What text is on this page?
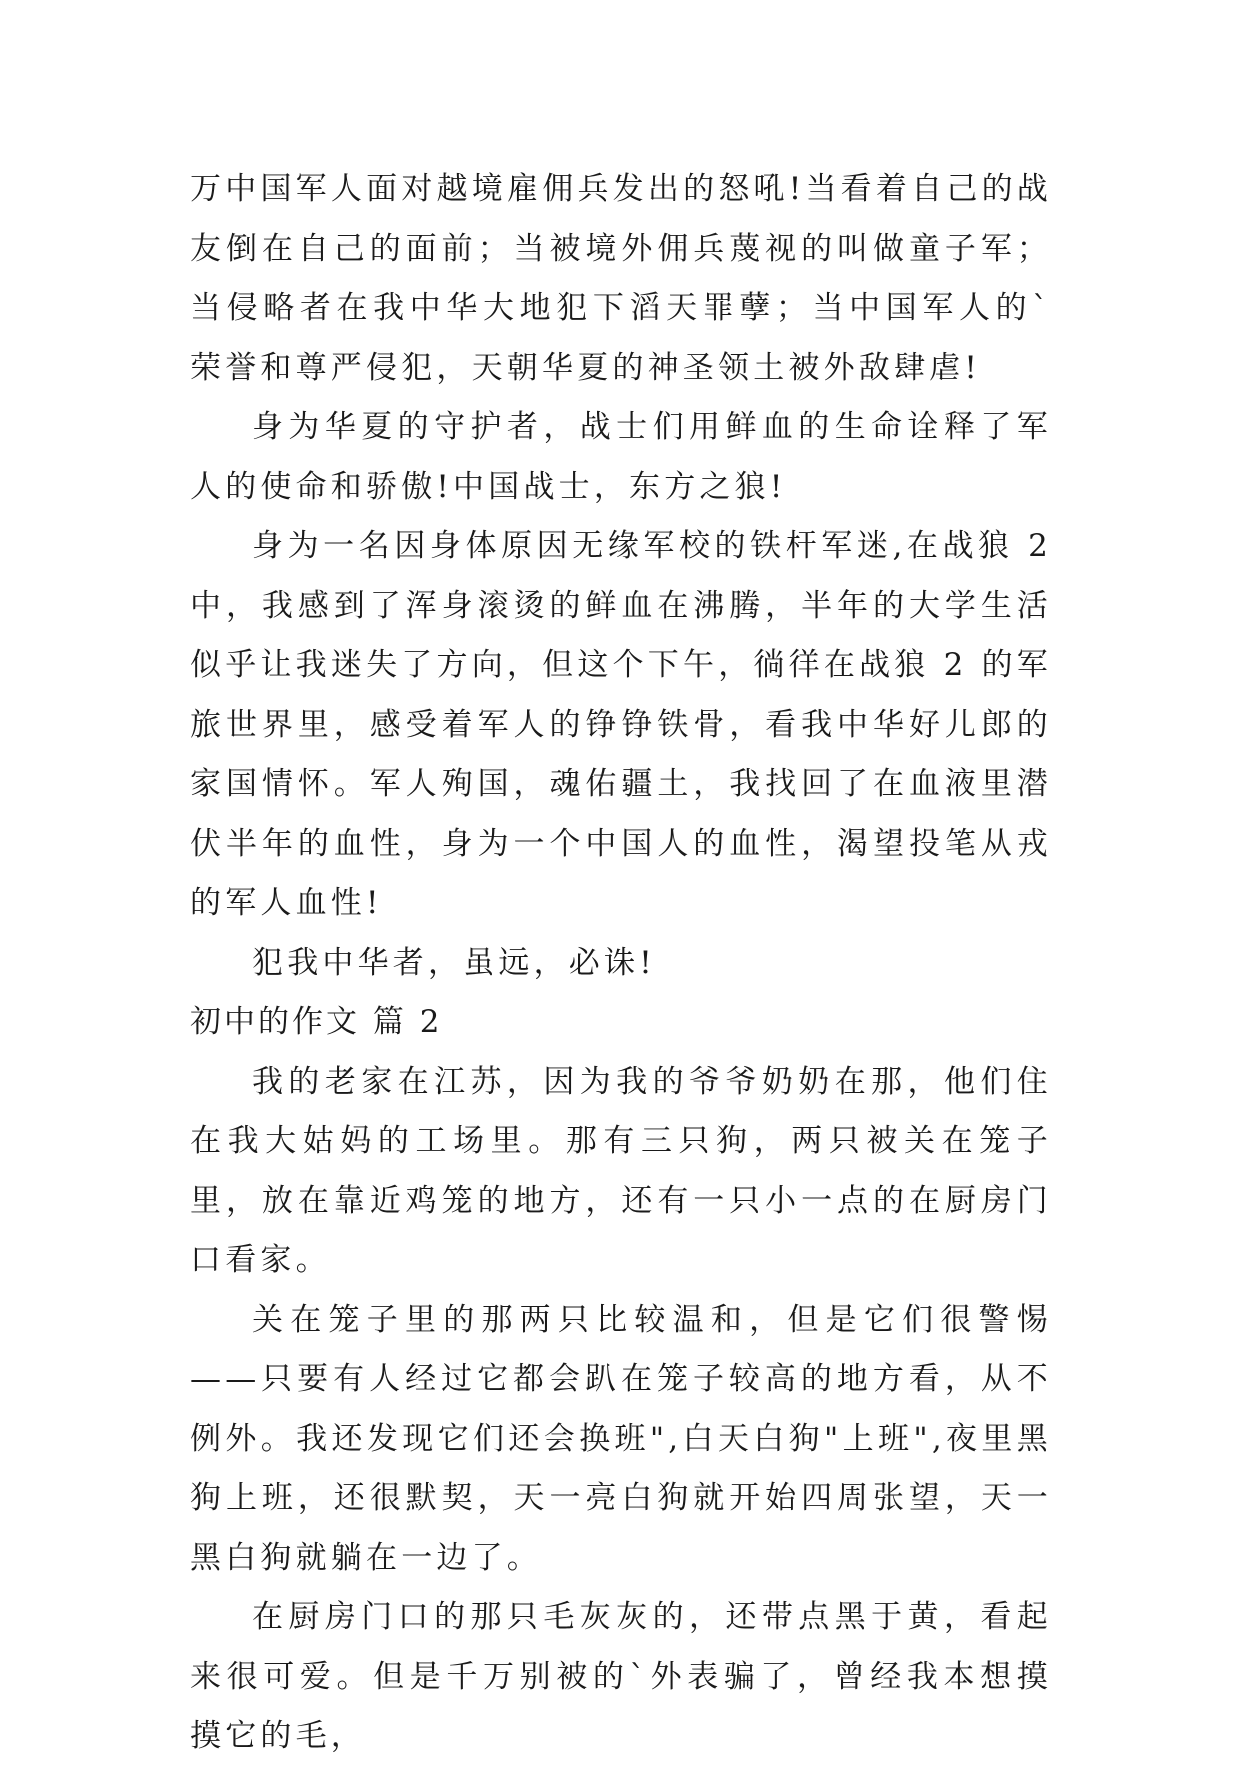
万中国军人面对越境雇佣兵发出的怒吼!当看着自己的战友倒在自己的面前；当被境外佣兵蔑视的叫做童子军；当侵略者在我中华大地犯下滔天罪孽；当中国军人的`荣誉和尊严侵犯，天朝华夏的神圣领土被外敌肆虐!

身为华夏的守护者，战士们用鲜血的生命诠释了军人的使命和骄傲!中国战士，东方之狼!

身为一名因身体原因无缘军校的铁杆军迷,在战狼 2 中，我感到了浑身滚烫的鲜血在沸腾，半年的大学生活似乎让我迷失了方向，但这个下午，徜徉在战狼 2 的军旅世界里，感受着军人的铮铮铁骨，看我中华好儿郎的家国情怀。军人殉国，魂佑疆土，我找回了在血液里潜伏半年的血性，身为一个中国人的血性，渴望投笔从戎的军人血性!

犯我中华者，虽远，必诛!

初中的作文 篇 2

我的老家在江苏，因为我的爷爷奶奶在那，他们住在我大姑妈的工场里。那有三只狗，两只被关在笼子里，放在靠近鸡笼的地方，还有一只小一点的在厨房门口看家。

关在笼子里的那两只比较温和，但是它们很警惕——只要有人经过它都会趴在笼子较高的地方看，从不例外。我还发现它们还会换班",白天白狗"上班",夜里黑狗上班，还很默契，天一亮白狗就开始四周张望，天一黑白狗就躺在一边了。

在厨房门口的那只毛灰灰的，还带点黑于黄，看起来很可爱。但是千万别被的`外表骗了，曾经我本想摸摸它的毛，
